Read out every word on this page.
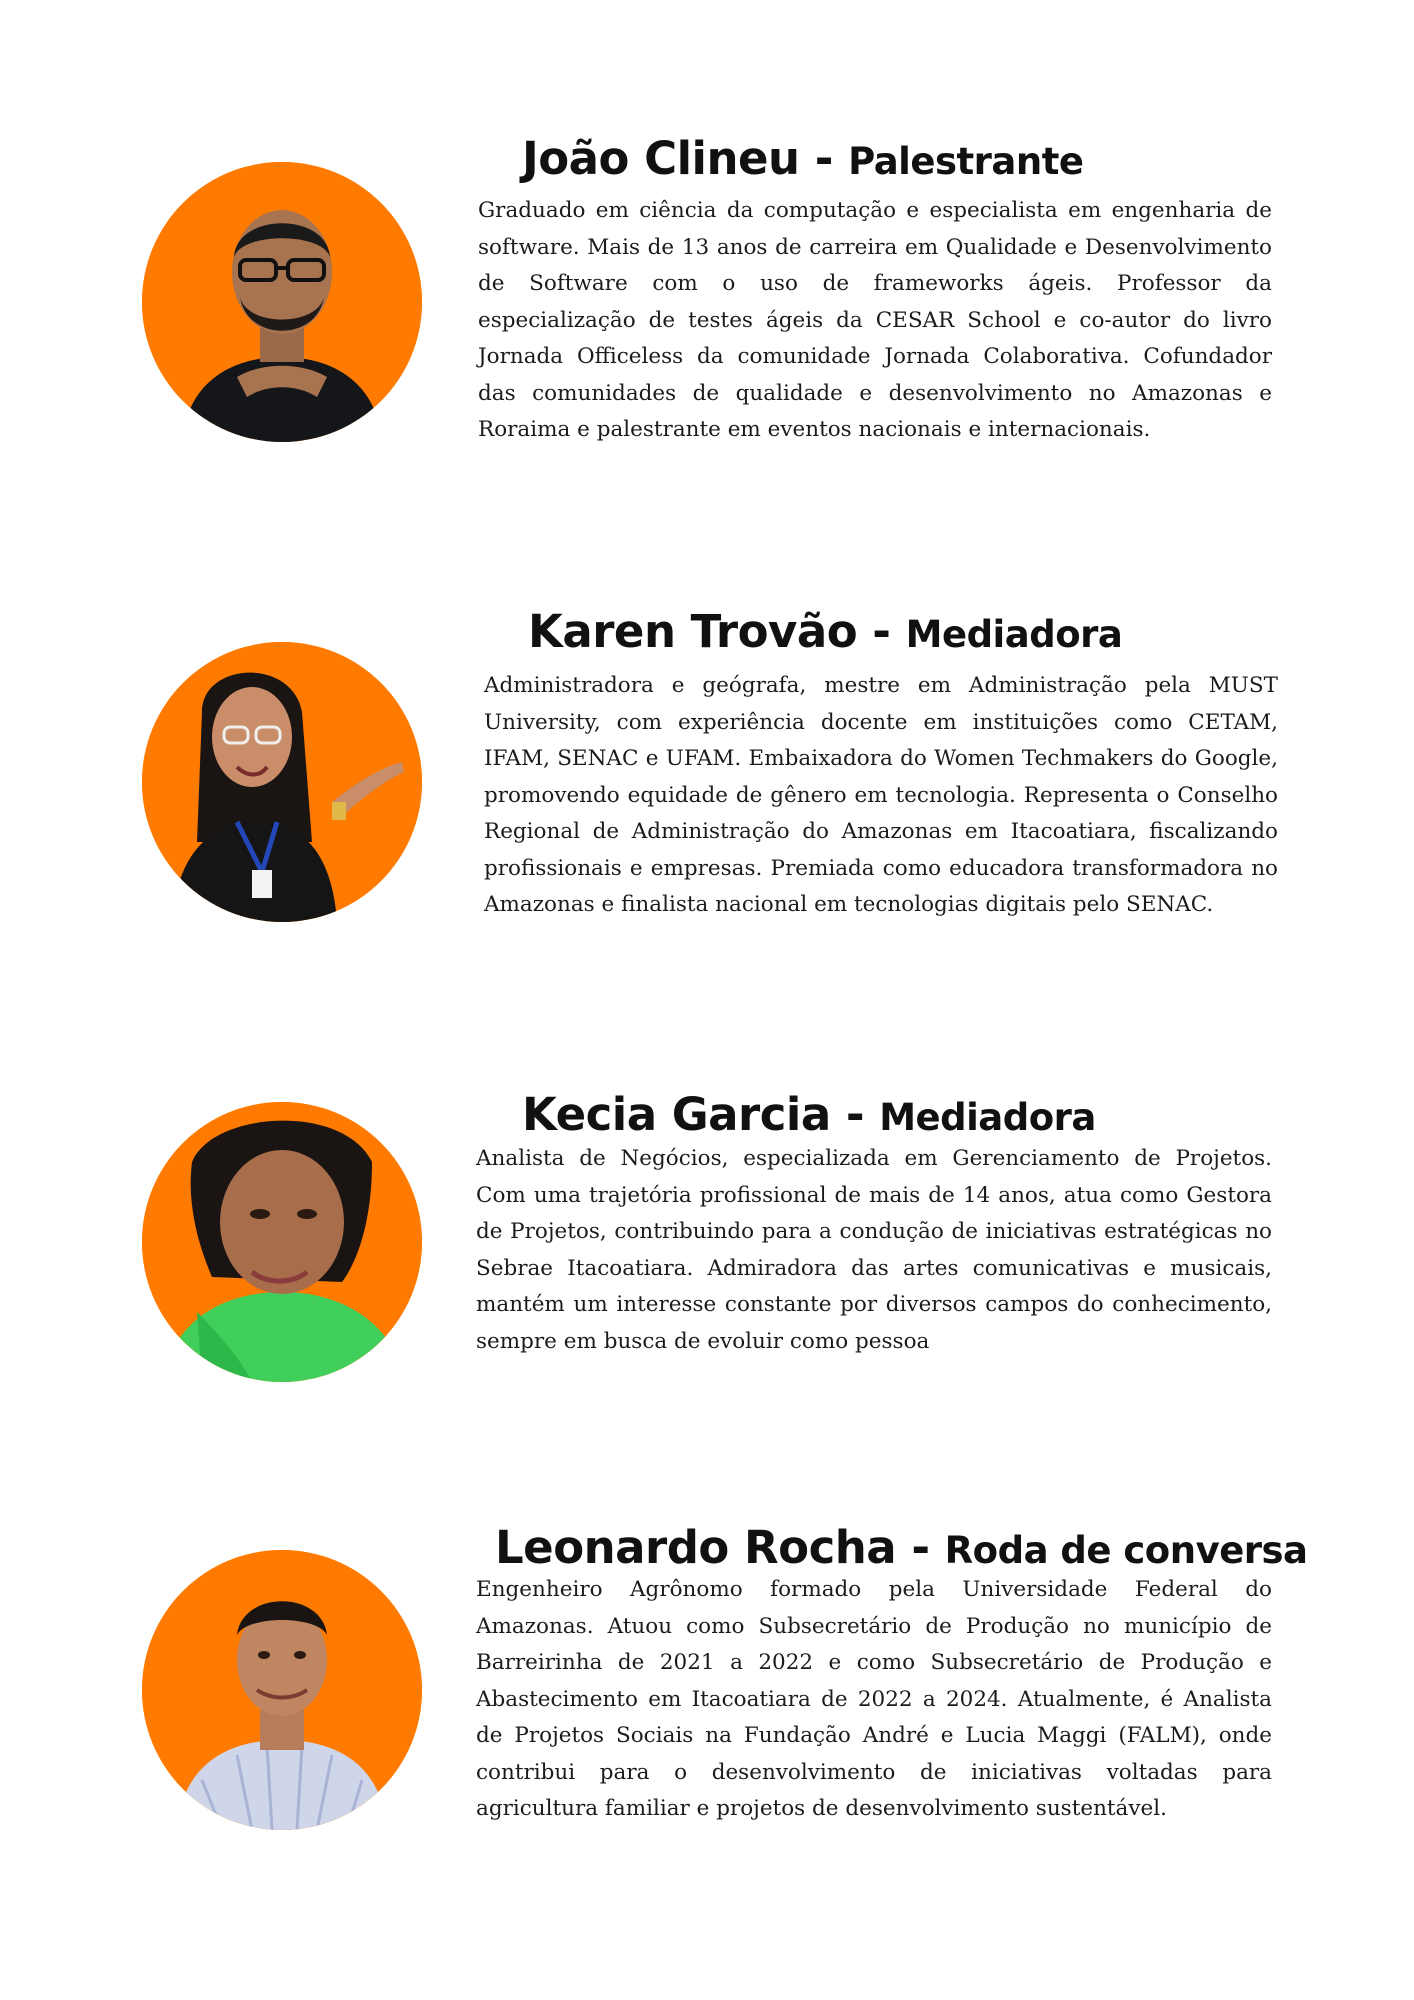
João Clineu - Palestrante

Graduado em ciência da computação e especialista em engenharia de software. Mais de 13 anos de carreira em Qualidade e Desenvolvimento de Software com o uso de frameworks ágeis. Professor da especialização de testes ágeis da CESAR School e co-autor do livro Jornada Officeless da comunidade Jornada Colaborativa. Cofundador das comunidades de qualidade e desenvolvimento no Amazonas e Roraima e palestrante em eventos nacionais e internacionais.

Karen Trovão - Mediadora

Administradora e geógrafa, mestre em Administração pela MUST University, com experiência docente em instituições como CETAM, IFAM, SENAC e UFAM. Embaixadora do Women Techmakers do Google, promovendo equidade de gênero em tecnologia. Representa o Conselho Regional de Administração do Amazonas em Itacoatiara, fiscalizando profissionais e empresas. Premiada como educadora transformadora no Amazonas e finalista nacional em tecnologias digitais pelo SENAC.

Kecia Garcia - Mediadora

Analista de Negócios, especializada em Gerenciamento de Projetos. Com uma trajetória profissional de mais de 14 anos, atua como Gestora de Projetos, contribuindo para a condução de iniciativas estratégicas no Sebrae Itacoatiara. Admiradora das artes comunicativas e musicais, mantém um interesse constante por diversos campos do conhecimento, sempre em busca de evoluir como pessoa

Leonardo Rocha - Roda de conversa

Engenheiro Agrônomo formado pela Universidade Federal do Amazonas. Atuou como Subsecretário de Produção no município de Barreirinha de 2021 a 2022 e como Subsecretário de Produção e Abastecimento em Itacoatiara de 2022 a 2024. Atualmente, é Analista de Projetos Sociais na Fundação André e Lucia Maggi (FALM), onde contribui para o desenvolvimento de iniciativas voltadas para agricultura familiar e projetos de desenvolvimento sustentável.
